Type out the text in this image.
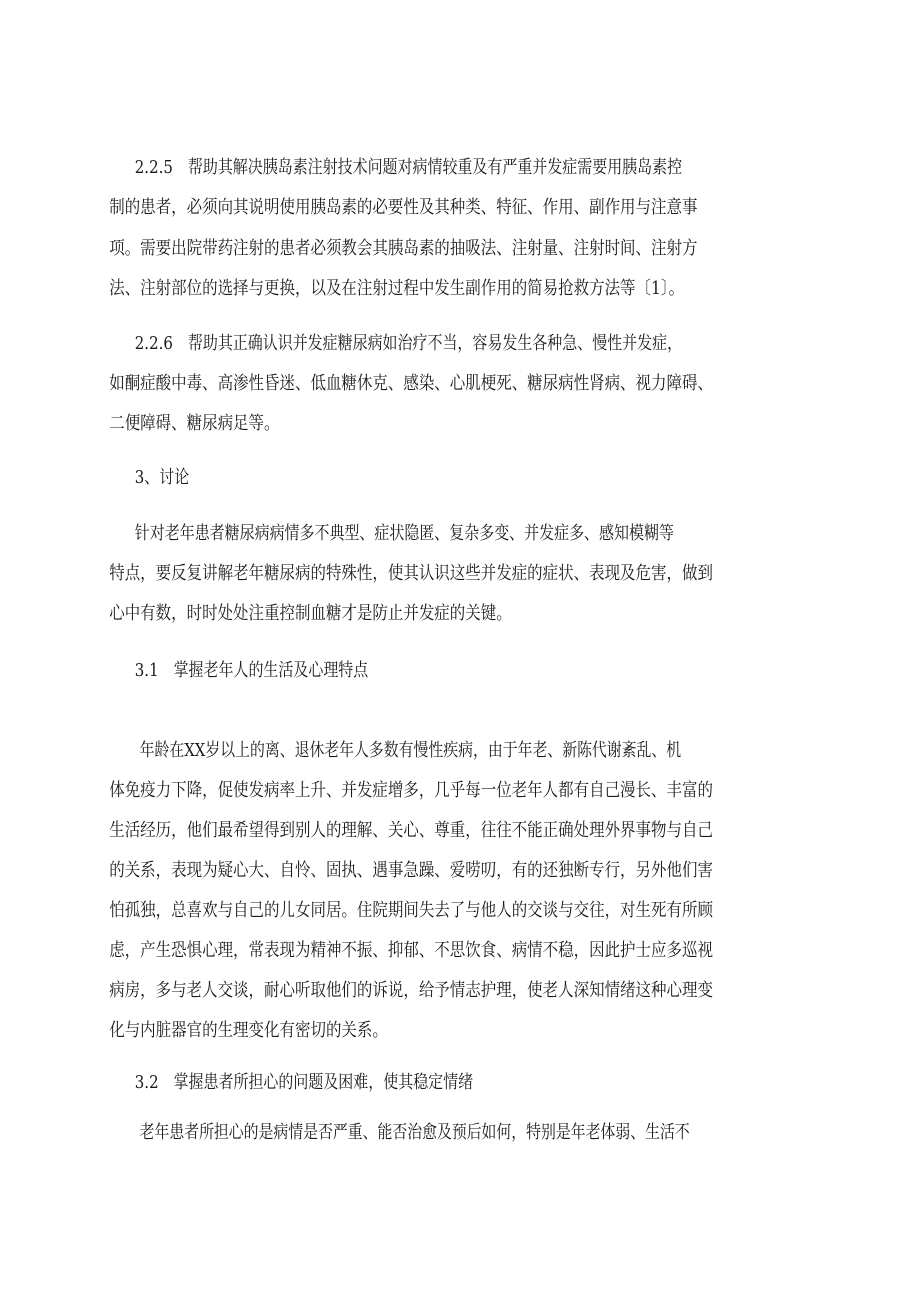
2.2.5　帮助其解决胰岛素注射技术问题对病情较重及有严重并发症需要用胰岛素控
制的患者，必须向其说明使用胰岛素的必要性及其种类、特征、作用、副作用与注意事
项。需要出院带药注射的患者必须教会其胰岛素的抽吸法、注射量、注射时间、注射方
法、注射部位的选择与更换，以及在注射过程中发生副作用的简易抢救方法等〔1〕。
2.2.6　帮助其正确认识并发症糖尿病如治疗不当，容易发生各种急、慢性并发症，
如酮症酸中毒、高渗性昏迷、低血糖休克、感染、心肌梗死、糖尿病性肾病、视力障碍、
二便障碍、糖尿病足等。
3、讨论
针对老年患者糖尿病病情多不典型、症状隐匿、复杂多变、并发症多、感知模糊等
特点，要反复讲解老年糖尿病的特殊性，使其认识这些并发症的症状、表现及危害，做到
心中有数，时时处处注重控制血糖才是防止并发症的关键。
3.1　掌握老年人的生活及心理特点
年龄在XX岁以上的离、退休老年人多数有慢性疾病，由于年老、新陈代谢紊乱、机
体免疫力下降，促使发病率上升、并发症增多，几乎每一位老年人都有自己漫长、丰富的
生活经历，他们最希望得到别人的理解、关心、尊重，往往不能正确处理外界事物与自己
的关系，表现为疑心大、自怜、固执、遇事急躁、爱唠叨，有的还独断专行，另外他们害
怕孤独，总喜欢与自己的儿女同居。住院期间失去了与他人的交谈与交往，对生死有所顾
虑，产生恐惧心理，常表现为精神不振、抑郁、不思饮食、病情不稳，因此护士应多巡视
病房，多与老人交谈，耐心听取他们的诉说，给予情志护理，使老人深知情绪这种心理变
化与内脏器官的生理变化有密切的关系。
3.2　掌握患者所担心的问题及困难，使其稳定情绪
老年患者所担心的是病情是否严重、能否治愈及预后如何，特别是年老体弱、生活不
